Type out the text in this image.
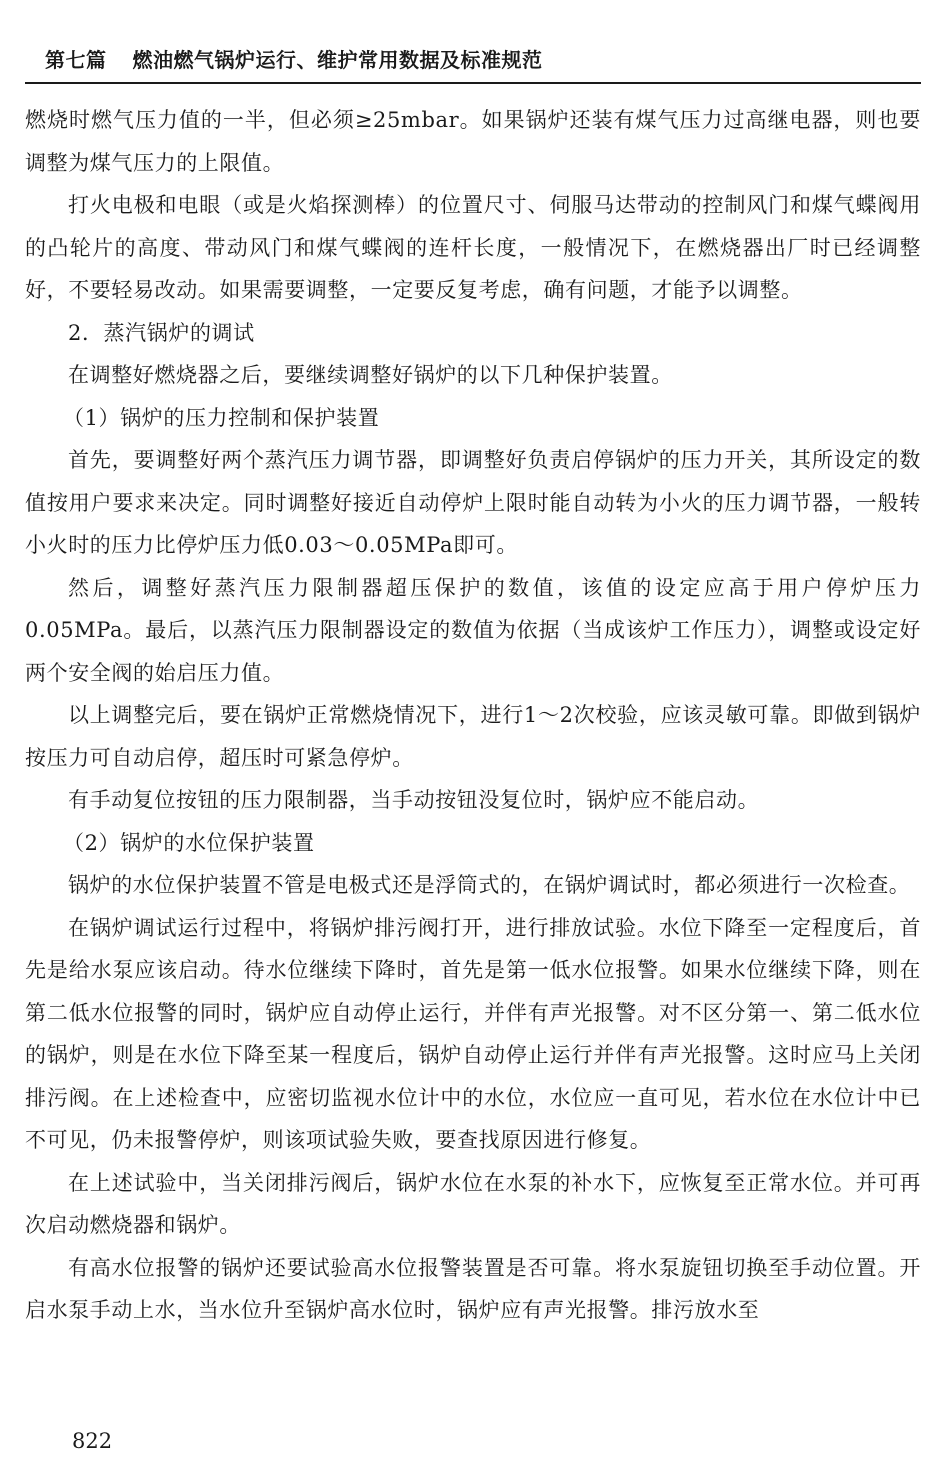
第七篇 燃油燃气锅炉运行、维护常用数据及标准规范

燃烧时燃气压力值的一半，但必须≥25mbar。如果锅炉还装有煤气压力过高继电器，则也要调整为煤气压力的上限值。

打火电极和电眼（或是火焰探测棒）的位置尺寸、伺服马达带动的控制风门和煤气蝶阀用的凸轮片的高度、带动风门和煤气蝶阀的连杆长度，一般情况下，在燃烧器出厂时已经调整好，不要轻易改动。如果需要调整，一定要反复考虑，确有问题，才能予以调整。

2．蒸汽锅炉的调试

在调整好燃烧器之后，要继续调整好锅炉的以下几种保护装置。

（1）锅炉的压力控制和保护装置

首先，要调整好两个蒸汽压力调节器，即调整好负责启停锅炉的压力开关，其所设定的数值按用户要求来决定。同时调整好接近自动停炉上限时能自动转为小火的压力调节器，一般转小火时的压力比停炉压力低0.03～0.05MPa即可。

然后，调整好蒸汽压力限制器超压保护的数值，该值的设定应高于用户停炉压力0.05MPa。最后，以蒸汽压力限制器设定的数值为依据（当成该炉工作压力），调整或设定好两个安全阀的始启压力值。

以上调整完后，要在锅炉正常燃烧情况下，进行1～2次校验，应该灵敏可靠。即做到锅炉按压力可自动启停，超压时可紧急停炉。

有手动复位按钮的压力限制器，当手动按钮没复位时，锅炉应不能启动。

（2）锅炉的水位保护装置

锅炉的水位保护装置不管是电极式还是浮筒式的，在锅炉调试时，都必须进行一次检查。

在锅炉调试运行过程中，将锅炉排污阀打开，进行排放试验。水位下降至一定程度后，首先是给水泵应该启动。待水位继续下降时，首先是第一低水位报警。如果水位继续下降，则在第二低水位报警的同时，锅炉应自动停止运行，并伴有声光报警。对不区分第一、第二低水位的锅炉，则是在水位下降至某一程度后，锅炉自动停止运行并伴有声光报警。这时应马上关闭排污阀。在上述检查中，应密切监视水位计中的水位，水位应一直可见，若水位在水位计中已不可见，仍未报警停炉，则该项试验失败，要查找原因进行修复。

在上述试验中，当关闭排污阀后，锅炉水位在水泵的补水下，应恢复至正常水位。并可再次启动燃烧器和锅炉。

有高水位报警的锅炉还要试验高水位报警装置是否可靠。将水泵旋钮切换至手动位置。开启水泵手动上水，当水位升至锅炉高水位时，锅炉应有声光报警。排污放水至

822
